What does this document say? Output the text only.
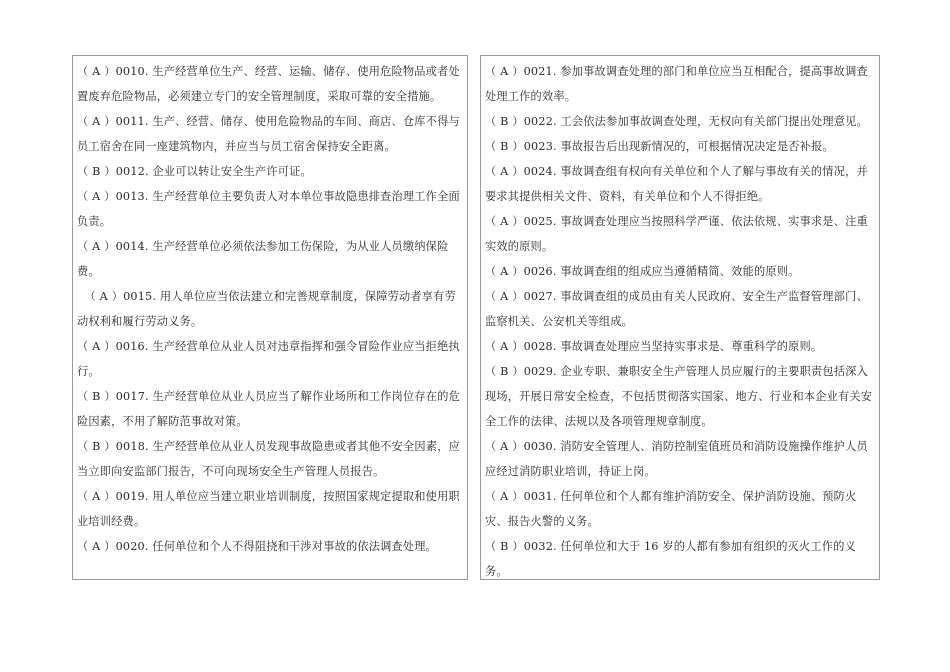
（ A ）0010. 生产经营单位生产、经营、运输、储存、使用危险物品或者处置废弃危险物品，必须建立专门的安全管理制度，采取可靠的安全措施。

（ A ）0011. 生产、经营、储存、使用危险物品的车间、商店、仓库不得与员工宿舍在同一座建筑物内，并应当与员工宿舍保持安全距离。

（ B ）0012. 企业可以转让安全生产许可证。

（ A ）0013. 生产经营单位主要负责人对本单位事故隐患排查治理工作全面负责。

（ A ）0014. 生产经营单位必须依法参加工伤保险，为从业人员缴纳保险费。

（ A ）0015. 用人单位应当依法建立和完善规章制度，保障劳动者享有劳动权利和履行劳动义务。

（ A ）0016. 生产经营单位从业人员对违章指挥和强令冒险作业应当拒绝执行。

（ B ）0017. 生产经营单位从业人员应当了解作业场所和工作岗位存在的危险因素，不用了解防范事故对策。

（ B ）0018. 生产经营单位从业人员发现事故隐患或者其他不安全因素，应当立即向安监部门报告，不可向现场安全生产管理人员报告。

（ A ）0019. 用人单位应当建立职业培训制度，按照国家规定提取和使用职业培训经费。

（ A ）0020. 任何单位和个人不得阻挠和干涉对事故的依法调查处理。

（ A ）0021. 参加事故调查处理的部门和单位应当互相配合，提高事故调查处理工作的效率。

（ B ）0022. 工会依法参加事故调查处理，无权向有关部门提出处理意见。

（ B ）0023. 事故报告后出现新情况的，可根据情况决定是否补报。

（ A ）0024. 事故调查组有权向有关单位和个人了解与事故有关的情况，并要求其提供相关文件、资料，有关单位和个人不得拒绝。

（ A ）0025. 事故调查处理应当按照科学严谨、依法依规、实事求是、注重实效的原则。

（ A ）0026. 事故调查组的组成应当遵循精简、效能的原则。

（ A ）0027. 事故调查组的成员由有关人民政府、安全生产监督管理部门、监察机关、公安机关等组成。

（ A ）0028. 事故调查处理应当坚持实事求是、尊重科学的原则。

（ B ）0029. 企业专职、兼职安全生产管理人员应履行的主要职责包括深入现场，开展日常安全检查，不包括贯彻落实国家、地方、行业和本企业有关安全工作的法律、法规以及各项管理规章制度。

（ A ）0030. 消防安全管理人、消防控制室值班员和消防设施操作维护人员应经过消防职业培训，持证上岗。

（ A ）0031. 任何单位和个人都有维护消防安全、保护消防设施、预防火灾、报告火警的义务。

（ B ）0032. 任何单位和大于 16 岁的人都有参加有组织的灭火工作的义务。
